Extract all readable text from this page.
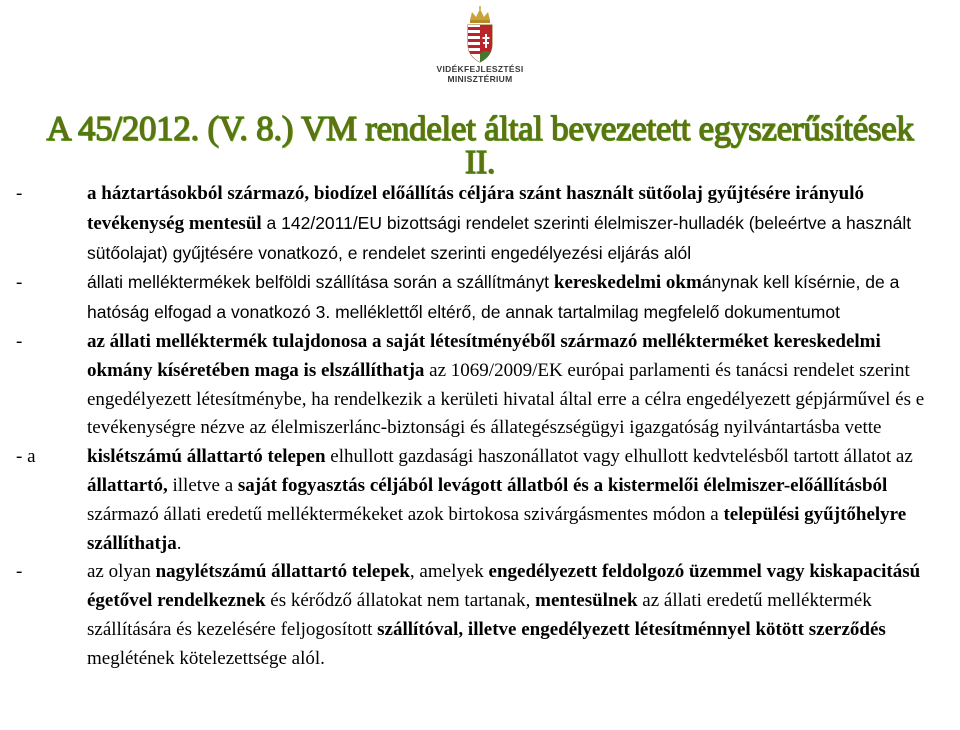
VIDÉKFEJLESZTÉSI
MINISZTÉRIUM
A 45/2012. (V. 8.) VM rendelet által bevezetett egyszerűsítések
II.
-	a háztartásokból származó, biodízel előállítás céljára szánt használt sütőolaj gyűjtésére irányuló tevékenység mentesül a 142/2011/EU bizottsági rendelet szerinti élelmiszer-hulladék (beleértve a használt sütőolajat) gyűjtésére vonatkozó, e rendelet szerinti engedélyezési eljárás alól
-	állati melléktermékek belföldi szállítása során a szállítmányt kereskedelmi okmánynak kell kísérnie, de a hatóság elfogad a vonatkozó 3. melléklettől eltérő, de annak tartalmilag megfelelő dokumentumot
-	az állati melléktermék tulajdonosa a saját létesítményéből származó mellékterméket kereskedelmi okmány kíséretében maga is elszállíthatja az 1069/2009/EK európai parlamenti és tanácsi rendelet szerint engedélyezett létesítménybe, ha rendelkezik a kerületi hivatal által erre a célra engedélyezett gépjárművel és e tevékenységre nézve az élelmiszerlánc-biztonsági és állategészségügyi igazgatóság nyilvántartásba vette
- a	kislétszámú állattartó telepen elhullott gazdasági haszonállatot vagy elhullott kedvtelésből tartott állatot az állattartó, illetve a saját fogyasztás céljából levágott állatból és a kistermelői élelmiszer-előállításból származó állati eredetű melléktermékeket azok birtokosa szivárgásmentes módon a települési gyűjtőhelyre szállíthatja.
-	az olyan nagylétszámú állattartó telepek, amelyek engedélyezett feldolgozó üzemmel vagy kiskapacitású égetővel rendelkeznek és kérődző állatokat nem tartanak, mentesülnek az állati eredetű melléktermék szállítására és kezelésére feljogosított szállítóval, illetve engedélyezett létesítménnyel kötött szerződés meglétének kötelezettsége alól.
